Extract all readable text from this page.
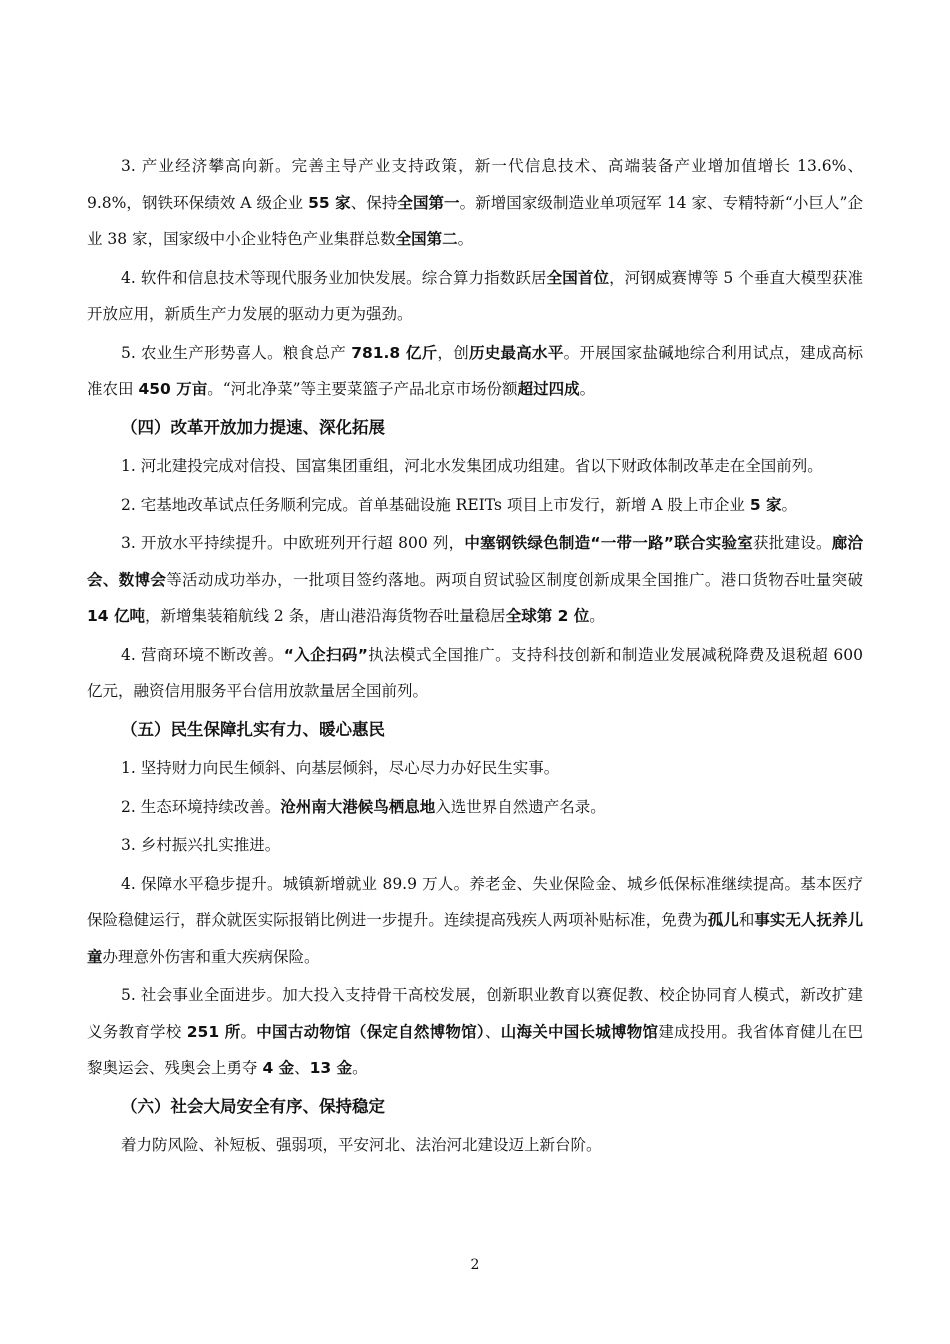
3. 产业经济攀高向新。完善主导产业支持政策，新一代信息技术、高端装备产业增加值增长 13.6%、9.8%，钢铁环保绩效 A 级企业 55 家、保持全国第一。新增国家级制造业单项冠军 14 家、专精特新“小巨人”企业 38 家，国家级中小企业特色产业集群总数全国第二。

4. 软件和信息技术等现代服务业加快发展。综合算力指数跃居全国首位，河钢威赛博等 5 个垂直大模型获准开放应用，新质生产力发展的驱动力更为强劲。

5. 农业生产形势喜人。粮食总产 781.8 亿斤，创历史最高水平。开展国家盐碱地综合利用试点，建成高标准农田 450 万亩。“河北净菜”等主要菜篮子产品北京市场份额超过四成。

（四）改革开放加力提速、深化拓展

1. 河北建投完成对信投、国富集团重组，河北水发集团成功组建。省以下财政体制改革走在全国前列。

2. 宅基地改革试点任务顺利完成。首单基础设施 REITs 项目上市发行，新增 A 股上市企业 5 家。

3. 开放水平持续提升。中欧班列开行超 800 列，中塞钢铁绿色制造“一带一路”联合实验室获批建设。廊洽会、数博会等活动成功举办，一批项目签约落地。两项自贸试验区制度创新成果全国推广。港口货物吞吐量突破 14 亿吨，新增集装箱航线 2 条，唐山港沿海货物吞吐量稳居全球第 2 位。

4. 营商环境不断改善。“入企扫码”执法模式全国推广。支持科技创新和制造业发展减税降费及退税超 600 亿元，融资信用服务平台信用放款量居全国前列。

（五）民生保障扎实有力、暖心惠民

1. 坚持财力向民生倾斜、向基层倾斜，尽心尽力办好民生实事。

2. 生态环境持续改善。沧州南大港候鸟栖息地入选世界自然遗产名录。

3. 乡村振兴扎实推进。

4. 保障水平稳步提升。城镇新增就业 89.9 万人。养老金、失业保险金、城乡低保标准继续提高。基本医疗保险稳健运行，群众就医实际报销比例进一步提升。连续提高残疾人两项补贴标准，免费为孤儿和事实无人抚养儿童办理意外伤害和重大疾病保险。

5. 社会事业全面进步。加大投入支持骨干高校发展，创新职业教育以赛促教、校企协同育人模式，新改扩建义务教育学校 251 所。中国古动物馆（保定自然博物馆）、山海关中国长城博物馆建成投用。我省体育健儿在巴黎奥运会、残奥会上勇夺 4 金、13 金。

（六）社会大局安全有序、保持稳定

着力防风险、补短板、强弱项，平安河北、法治河北建设迈上新台阶。

2
